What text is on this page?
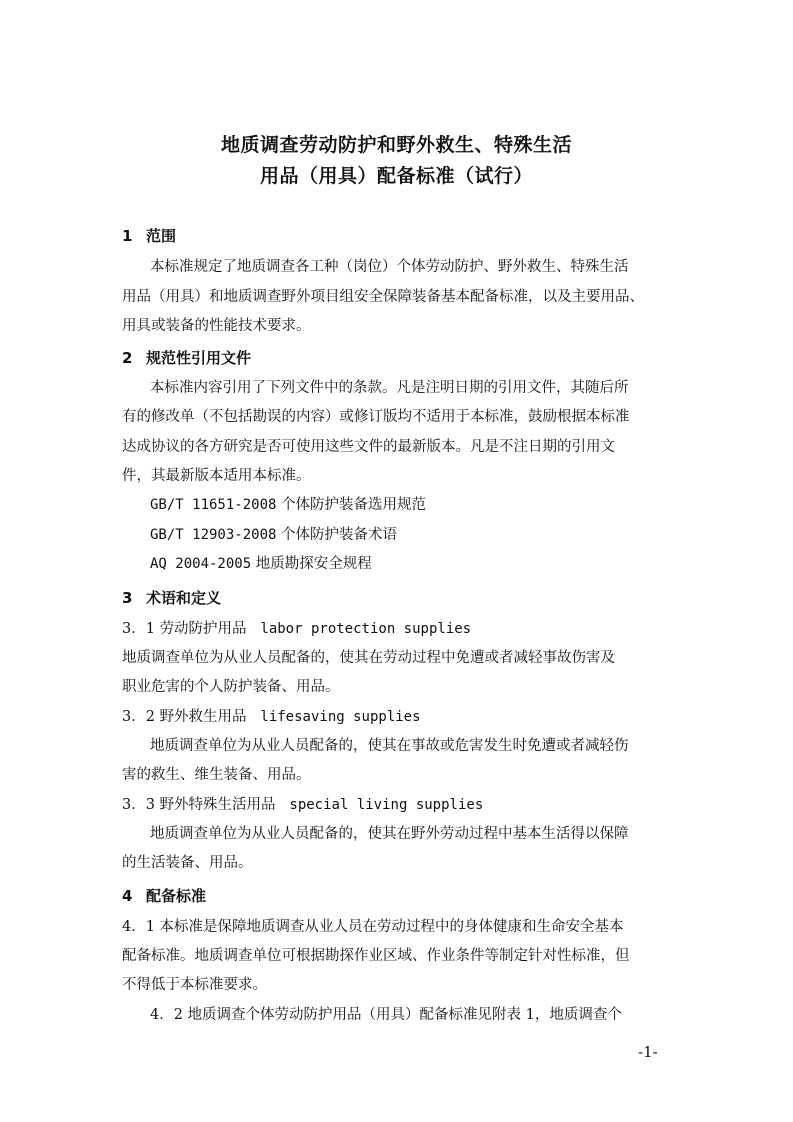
地质调查劳动防护和野外救生、特殊生活
用品（用具）配备标准（试行）
1 范围
本标准规定了地质调查各工种（岗位）个体劳动防护、野外救生、特殊生活
用品（用具）和地质调查野外项目组安全保障装备基本配备标准，以及主要用品、
用具或装备的性能技术要求。
2 规范性引用文件
本标准内容引用了下列文件中的条款。凡是注明日期的引用文件，其随后所
有的修改单（不包括勘误的内容）或修订版均不适用于本标准，鼓励根据本标准
达成协议的各方研究是否可使用这些文件的最新版本。凡是不注日期的引用文
件，其最新版本适用本标准。
GB/T 11651-2008 个体防护装备选用规范
GB/T 12903-2008 个体防护装备术语
AQ 2004-2005 地质勘探安全规程
3 术语和定义
3．1 劳动防护用品 labor protection supplies
地质调查单位为从业人员配备的，使其在劳动过程中免遭或者减轻事故伤害及
职业危害的个人防护装备、用品。
3．2 野外救生用品 lifesaving supplies
地质调查单位为从业人员配备的，使其在事故或危害发生时免遭或者减轻伤
害的救生、维生装备、用品。
3．3 野外特殊生活用品 special living supplies
地质调查单位为从业人员配备的，使其在野外劳动过程中基本生活得以保障
的生活装备、用品。
4 配备标准
4．1 本标准是保障地质调查从业人员在劳动过程中的身体健康和生命安全基本
配备标准。地质调查单位可根据勘探作业区域、作业条件等制定针对性标准，但
不得低于本标准要求。
4．2 地质调查个体劳动防护用品（用具）配备标准见附表 1，地质调查个
-1-
